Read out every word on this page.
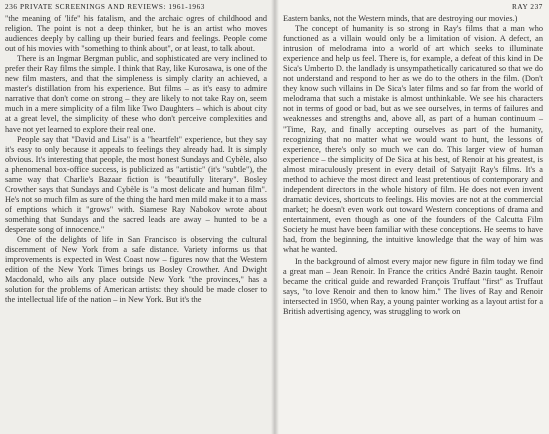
236 PRIVATE SCREENINGS AND REVIEWS: 1961-1963

"the meaning of 'life'' his fatalism, and the archaic ogres of childhood and religion. The point is not a deep thinker, but he is an artist who moves audiences deeply by calling up their buried fears and feelings. People come out of his movies with "something to think about", or at least, to talk about.

There is an Ingmar Bergman public, and sophisticated are very inclined to prefer their Ray films the simple. I think that Ray, like Kurosawa, is one of the new film masters, and that the simpleness is simply clarity an achieved, a master's distillation from his experience. But films – as it's easy to admire narrative that don't come on strong – they are likely to not take Ray on, seem much in a mere simplicity of a film like Two Daughters – which is about city at a great level, the simplicity of these who don't perceive complexities and have not yet learned to explore their real one.

People say that "David and Lisa" is a "heartfelt" experience, but they say it's easy to only because it appeals to feelings they already had. It is simply obvious. It's interesting that people, the most honest Sundays and Cybèle, also a phenomenal box-office success, is publicized as "artistic" (it's "subtle"), the same way that Charlie's Bazaar fiction is "beautifully literary". Bosley Crowther says that Sundays and Cybèle is "a most delicate and human film". He's not so much film as sure of the thing the hard men mild make it to a mass of emptions which it "grows" with. Siamese Ray Nabokov wrote about something that Sundays and the sacred leads are away – hunted to be a desperate song of innocence."

One of the delights of life in San Francisco is observing the cultural discernment of New York from a safe distance. Variety informs us that improvements is expected in West Coast now – figures now that the Western edition of the New York Times brings us Bosley Crowther. And Dwight Macdonald, who ails any place outside New York "the provinces," has a solution for the problems of American artists: they should be made closer to the intellectual life of the nation – in New York. But it's the

RAY 237

Eastern banks, not the Western minds, that are destroying our movies.)

The concept of humanity is so strong in Ray's films that a man who functioned as a villain would only be a limitation of vision. A defect, an intrusion of melodrama into a world of art which seeks to illuminate experience and help us feel. There is, for example, a defeat of this kind in De Sica's Umberto D. the landlady is unsympathetically caricatured so that we do not understand and respond to her as we do to the others in the film. (Don't they know such villains in De Sica's later films and so far from the world of melodrama that such a mistake is almost unthinkable. We see his characters not in terms of good or bad, but as we see ourselves, in terms of failures and weaknesses and strengths and, above all, as part of a human continuum – "Time, Ray, and finally accepting ourselves as part of the humanity, recognizing that no matter what we would want to hunt, the lessons of experience, there's only so much we can do. This larger view of human experience – the simplicity of De Sica at his best, of Renoir at his greatest, is almost miraculously present in every detail of Satyajit Ray's films. It's a method to achieve the most direct and least pretentious of contemporary and independent directors in the whole history of film. He does not even invent dramatic devices, shortcuts to feelings. His movies are not at the commercial market; he doesn't even work out toward Western conceptions of drama and entertainment, even though as one of the founders of the Calcutta Film Society he must have been familiar with these conceptions. He seems to have had, from the beginning, the intuitive knowledge that the way of him was what he wanted.

In the background of almost every major new figure in film today we find a great man – Jean Renoir. In France the critics André Bazin taught. Renoir became the critical guide and rewarded François Truffaut "first" as Truffaut says, "to love Renoir and then to know him." The lives of Ray and Renoir intersected in 1950, when Ray, a young painter working as a layout artist for a British advertising agency, was struggling to work on
